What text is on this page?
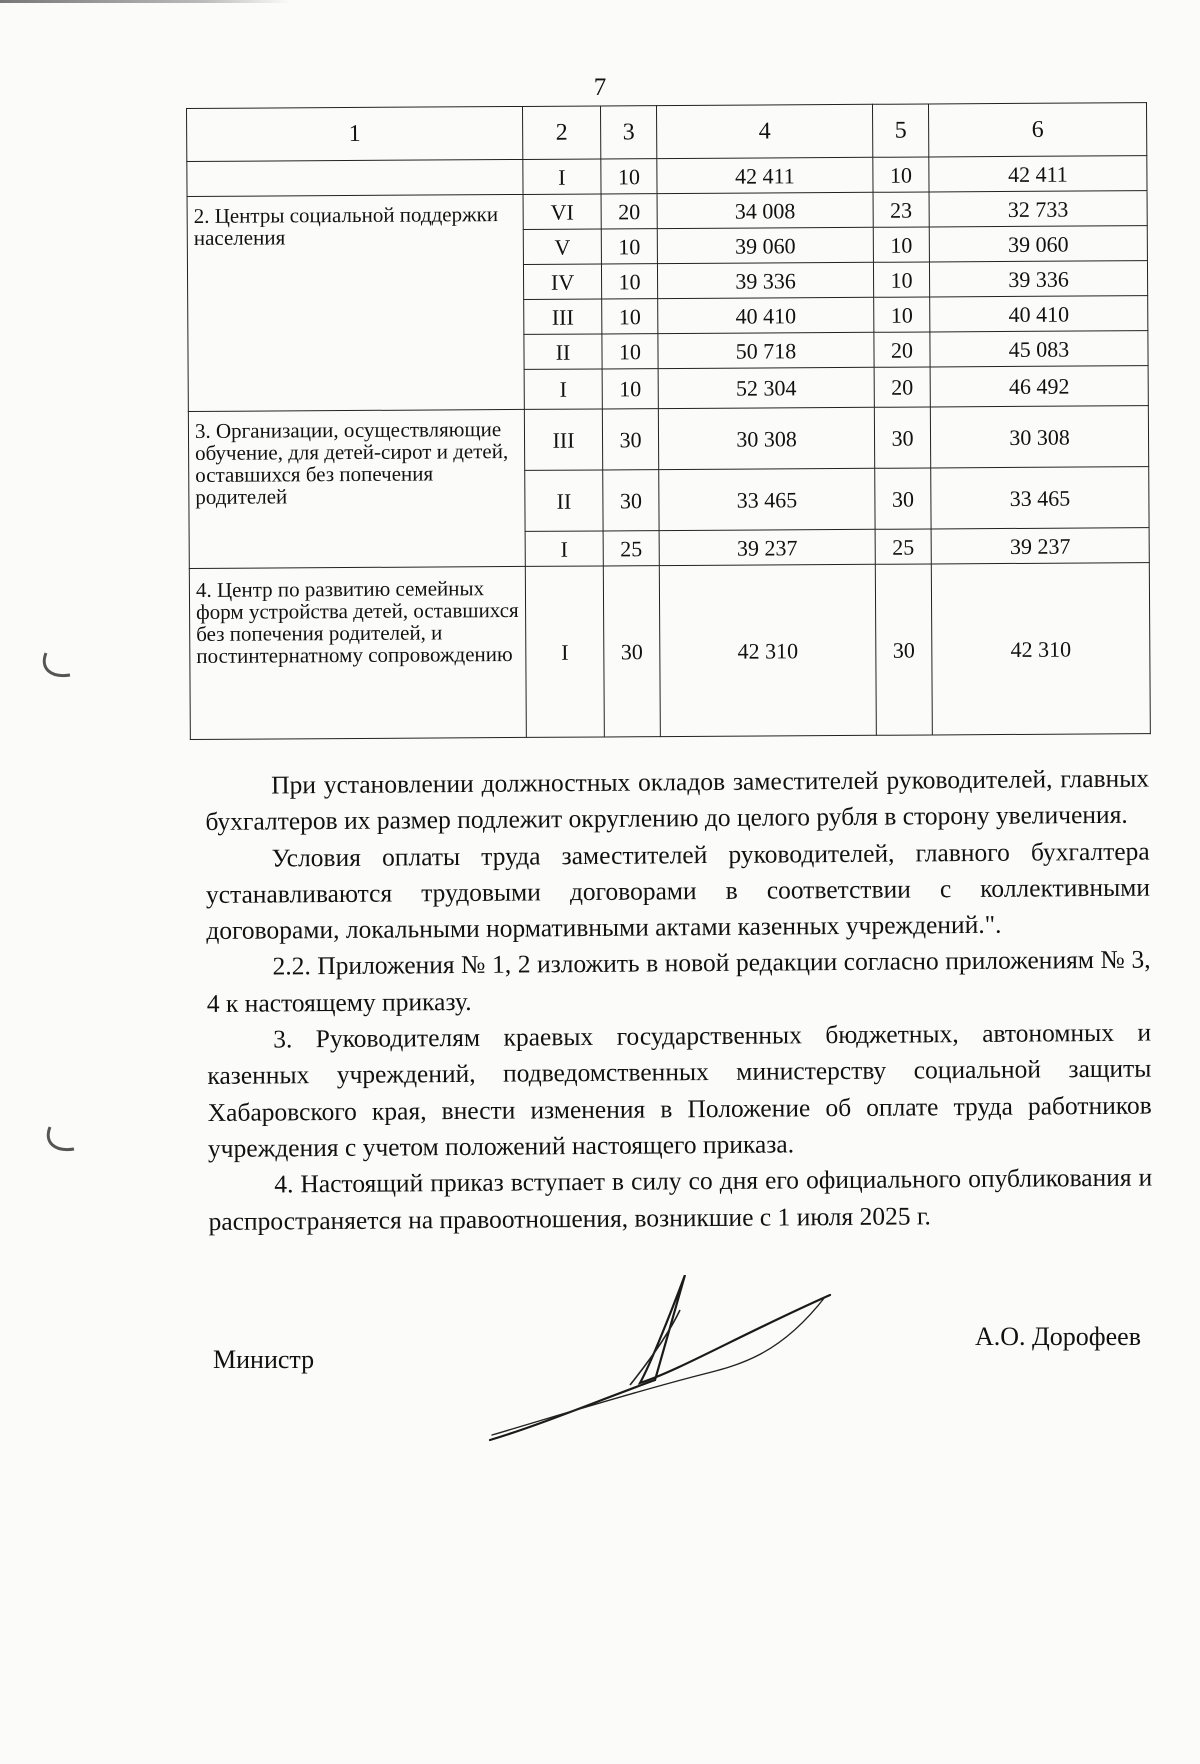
7
1	2	3	4	5	6
	I	10	42 411	10	42 411
2. Центры социальной поддержки населения	VI	20	34 008	23	32 733
	V	10	39 060	10	39 060
	IV	10	39 336	10	39 336
	III	10	40 410	10	40 410
	II	10	50 718	20	45 083
	I	10	52 304	20	46 492
3. Организации, осуществляющие обучение, для детей-сирот и детей, оставшихся без попечения родителей	III	30	30 308	30	30 308
	II	30	33 465	30	33 465
	I	25	39 237	25	39 237
4. Центр по развитию семейных форм устройства детей, оставшихся без попечения родителей, и постинтернатному сопровождению	I	30	42 310	30	42 310

При установлении должностных окладов заместителей руководителей, главных бухгалтеров их размер подлежит округлению до целого рубля в сторону увеличения.

Условия оплаты труда заместителей руководителей, главного бухгалтера устанавливаются трудовыми договорами в соответствии с коллективными договорами, локальными нормативными актами казенных учреждений.".

2.2. Приложения № 1, 2 изложить в новой редакции согласно приложениям № 3, 4 к настоящему приказу.

3. Руководителям краевых государственных бюджетных, автономных и казенных учреждений, подведомственных министерству социальной защиты Хабаровского края, внести изменения в Положение об оплате труда работников учреждения с учетом положений настоящего приказа.

4. Настоящий приказ вступает в силу со дня его официального опубликования и распространяется на правоотношения, возникшие с 1 июля 2025 г.

Министр
А.О. Дорофеев
